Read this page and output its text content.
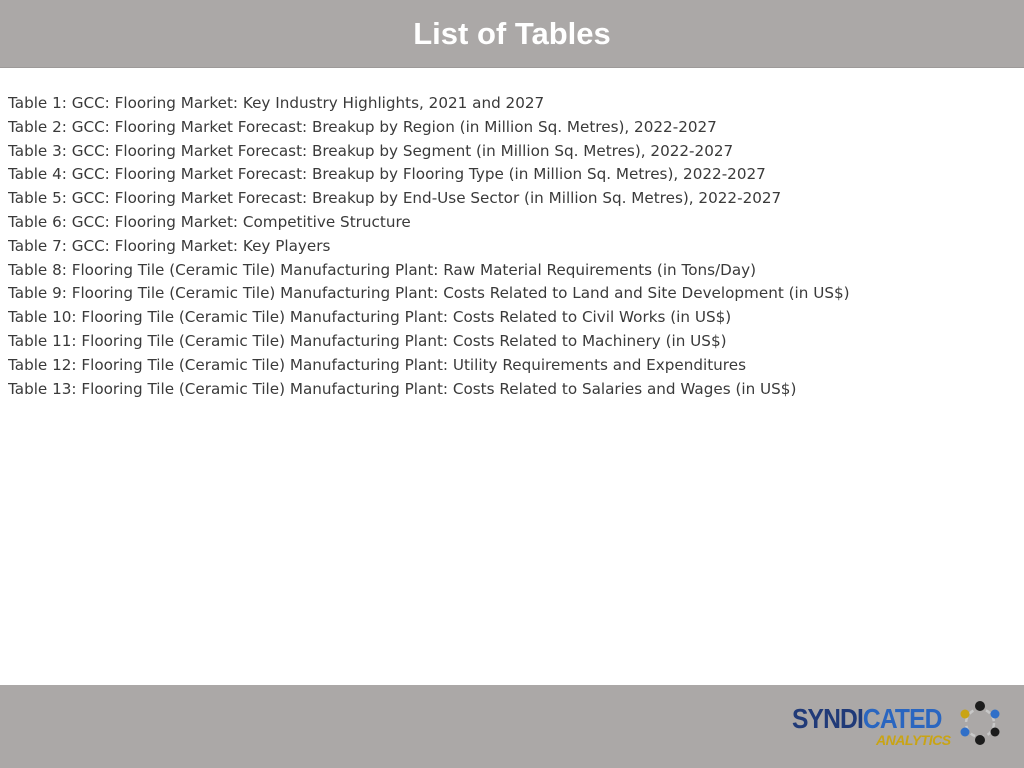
List of Tables
Table 1: GCC: Flooring Market: Key Industry Highlights, 2021 and 2027
Table 2: GCC: Flooring Market Forecast: Breakup by Region (in Million Sq. Metres), 2022-2027
Table 3: GCC: Flooring Market Forecast: Breakup by Segment (in Million Sq. Metres), 2022-2027
Table 4: GCC: Flooring Market Forecast: Breakup by Flooring Type (in Million Sq. Metres), 2022-2027
Table 5: GCC: Flooring Market Forecast: Breakup by End-Use Sector (in Million Sq. Metres), 2022-2027
Table 6: GCC: Flooring Market: Competitive Structure
Table 7: GCC: Flooring Market: Key Players
Table 8: Flooring Tile (Ceramic Tile) Manufacturing Plant: Raw Material Requirements (in Tons/Day)
Table 9: Flooring Tile (Ceramic Tile) Manufacturing Plant: Costs Related to Land and Site Development (in US$)
Table 10: Flooring Tile (Ceramic Tile) Manufacturing Plant: Costs Related to Civil Works (in US$)
Table 11: Flooring Tile (Ceramic Tile) Manufacturing Plant: Costs Related to Machinery (in US$)
Table 12: Flooring Tile (Ceramic Tile) Manufacturing Plant: Utility Requirements and Expenditures
Table 13: Flooring Tile (Ceramic Tile) Manufacturing Plant: Costs Related to Salaries and Wages (in US$)
SYNDICATED
ANALYTICS
